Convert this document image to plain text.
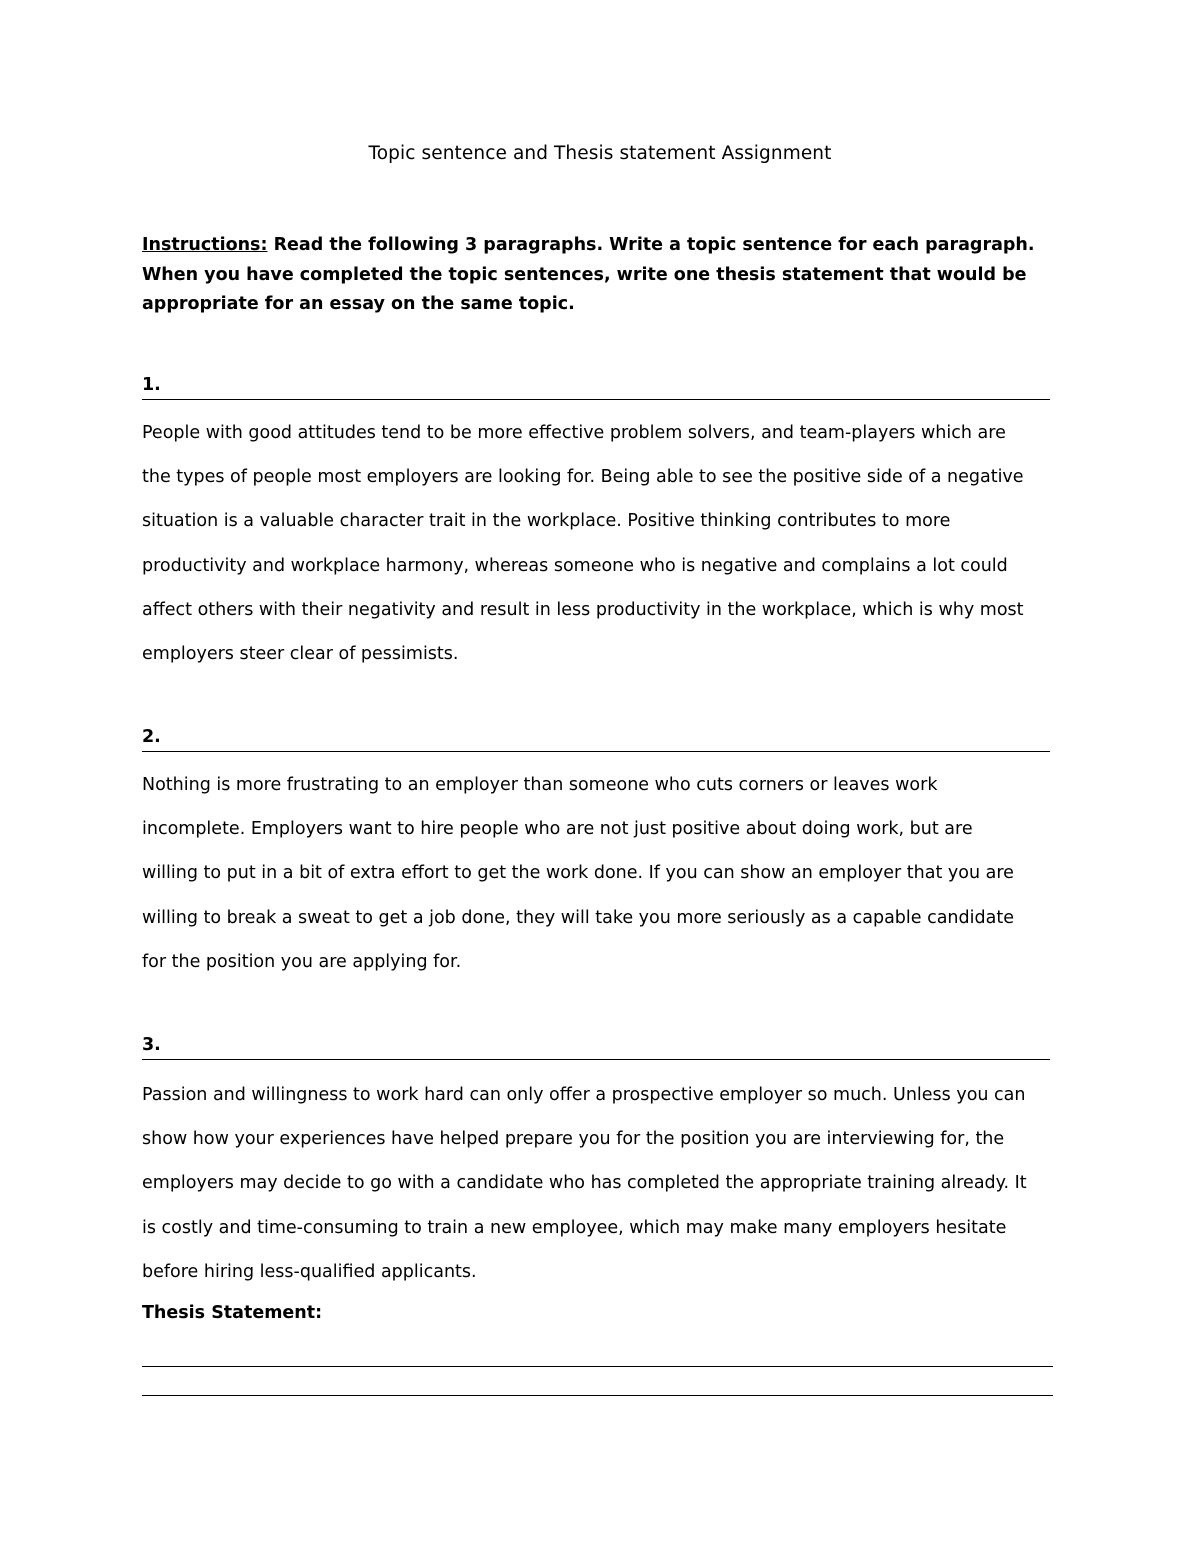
Topic sentence and Thesis statement Assignment
Instructions: Read the following 3 paragraphs. Write a topic sentence for each paragraph. When you have completed the topic sentences, write one thesis statement that would be appropriate for an essay on the same topic.
1.
People with good attitudes tend to be more effective problem solvers, and team-players which are
the types of people most employers are looking for. Being able to see the positive side of a negative
situation is a valuable character trait in the workplace. Positive thinking contributes to more
productivity and workplace harmony, whereas someone who is negative and complains a lot could
affect others with their negativity and result in less productivity in the workplace, which is why most
employers steer clear of pessimists.
2.
Nothing is more frustrating to an employer than someone who cuts corners or leaves work
incomplete. Employers want to hire people who are not just positive about doing work, but are
willing to put in a bit of extra effort to get the work done. If you can show an employer that you are
willing to break a sweat to get a job done, they will take you more seriously as a capable candidate
for the position you are applying for.
3.
Passion and willingness to work hard can only offer a prospective employer so much. Unless you can
show how your experiences have helped prepare you for the position you are interviewing for, the
employers may decide to go with a candidate who has completed the appropriate training already. It
is costly and time-consuming to train a new employee, which may make many employers hesitate
before hiring less-qualified applicants.
Thesis Statement:
